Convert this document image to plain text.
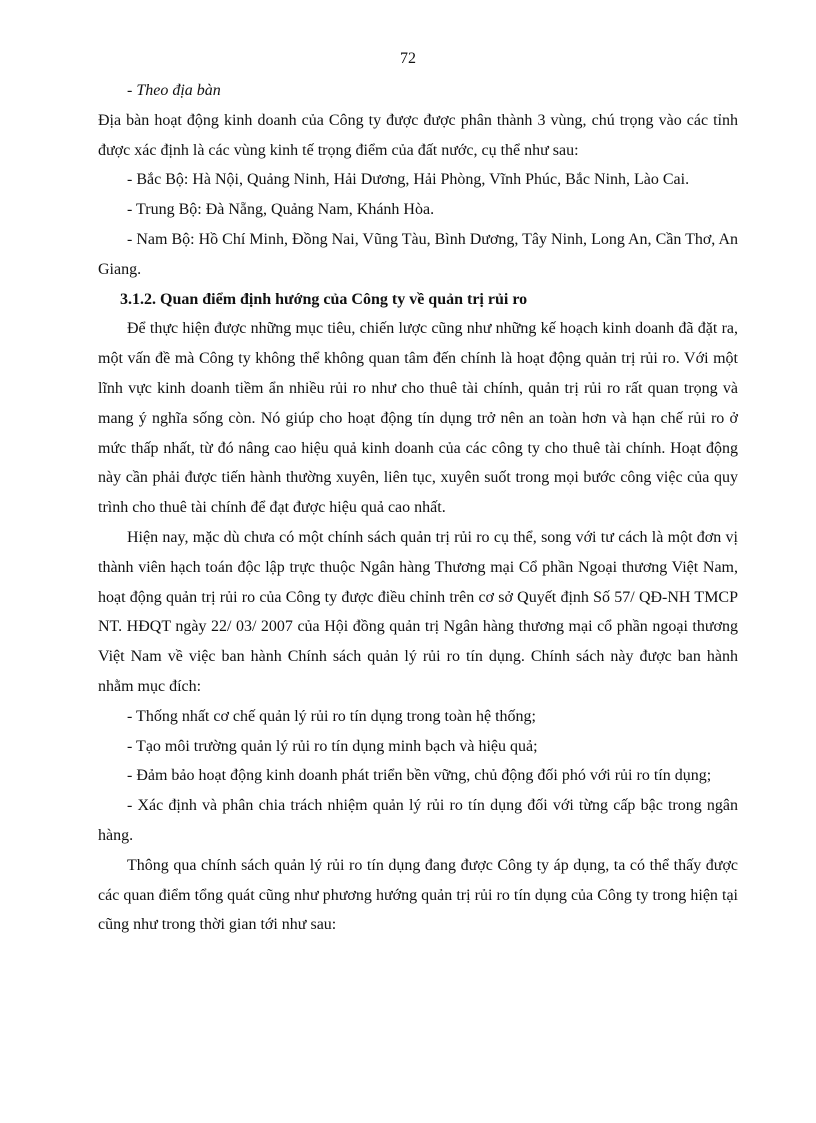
72

- Theo địa bàn

Địa bàn hoạt động kinh doanh của Công ty được được phân thành 3 vùng, chú trọng vào các tỉnh được xác định là các vùng kinh tế trọng điểm của đất nước, cụ thể như sau:

- Bắc Bộ: Hà Nội, Quảng Ninh, Hải Dương, Hải Phòng, Vĩnh Phúc, Bắc Ninh, Lào Cai.

- Trung Bộ: Đà Nẵng, Quảng Nam, Khánh Hòa.

- Nam Bộ: Hồ Chí Minh, Đồng Nai, Vũng Tàu, Bình Dương, Tây Ninh, Long An, Cần Thơ, An Giang.

3.1.2. Quan điểm định hướng của Công ty về quản trị rủi ro

Để thực hiện được những mục tiêu, chiến lược cũng như những kế hoạch kinh doanh đã đặt ra, một vấn đề mà Công ty không thể không quan tâm đến chính là hoạt động quản trị rủi ro. Với một lĩnh vực kinh doanh tiềm ẩn nhiều rủi ro như cho thuê tài chính, quản trị rủi ro rất quan trọng và mang ý nghĩa sống còn. Nó giúp cho hoạt động tín dụng trở nên an toàn hơn và hạn chế rủi ro ở mức thấp nhất, từ đó nâng cao hiệu quả kinh doanh của các công ty cho thuê tài chính. Hoạt động này cần phải được tiến hành thường xuyên, liên tục, xuyên suốt trong mọi bước công việc của quy trình cho thuê tài chính để đạt được hiệu quả cao nhất.

Hiện nay, mặc dù chưa có một chính sách quản trị rủi ro cụ thể, song với tư cách là một đơn vị thành viên hạch toán độc lập trực thuộc Ngân hàng Thương mại Cổ phần Ngoại thương Việt Nam, hoạt động quản trị rủi ro của Công ty được điều chỉnh trên cơ sở Quyết định Số 57/ QĐ-NH TMCP NT. HĐQT ngày 22/ 03/ 2007 của Hội đồng quản trị Ngân hàng thương mại cổ phần ngoại thương Việt Nam về việc ban hành Chính sách quản lý rủi ro tín dụng. Chính sách này được ban hành nhằm mục đích:

- Thống nhất cơ chế quản lý rủi ro tín dụng trong toàn hệ thống;

- Tạo môi trường quản lý rủi ro tín dụng minh bạch và hiệu quả;

- Đảm bảo hoạt động kinh doanh phát triển bền vững, chủ động đối phó với rủi ro tín dụng;

- Xác định và phân chia trách nhiệm quản lý rủi ro tín dụng đối với từng cấp bậc trong ngân hàng.

Thông qua chính sách quản lý rủi ro tín dụng đang được Công ty áp dụng, ta có thể thấy được các quan điểm tổng quát cũng như phương hướng quản trị rủi ro tín dụng của Công ty trong hiện tại cũng như trong thời gian tới như sau:
